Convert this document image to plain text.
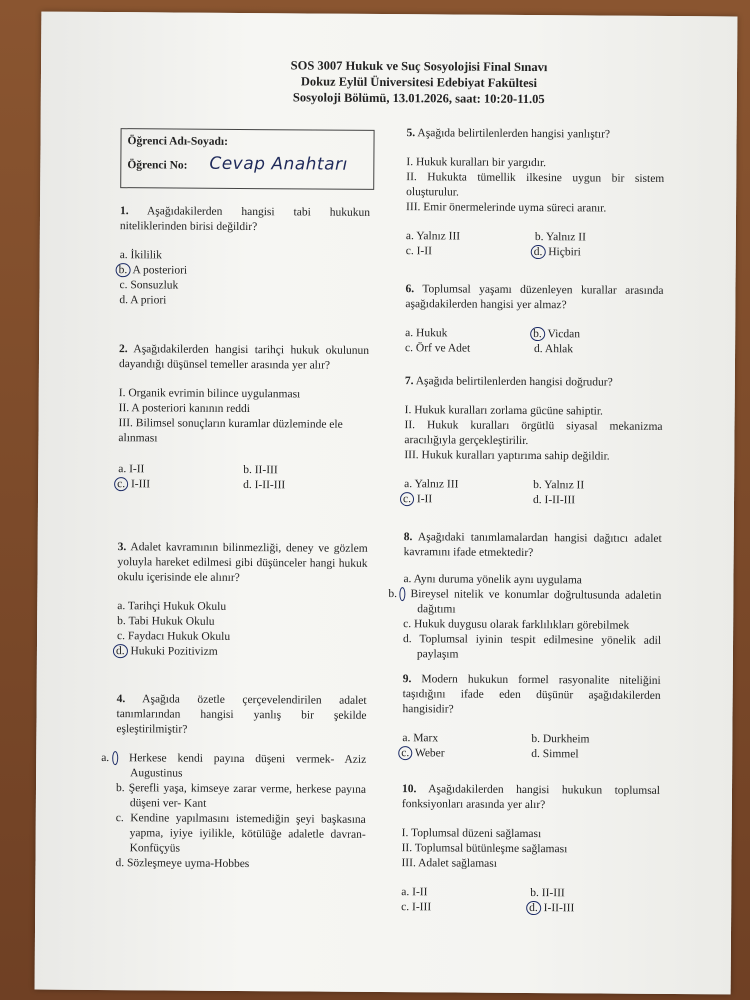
SOS 3007 Hukuk ve Suç Sosyolojisi Final Sınavı
Dokuz Eylül Üniversitesi Edebiyat Fakültesi
Sosyoloji Bölümü, 13.01.2026, saat: 10:20-11.05
Öğrenci Adı-Soyadı:
Öğrenci No: Cevap Anahtarı
1. Aşağıdakilerden hangisi tabi hukukun niteliklerinden birisi değildir?
a. İkililik
b. A posteriori
c. Sonsuzluk
d. A priori
2. Aşağıdakilerden hangisi tarihçi hukuk okulunun dayandığı düşünsel temeller arasında yer alır?
I. Organik evrimin bilince uygulanması
II. A posteriori kanının reddi
III. Bilimsel sonuçların kuramlar düzleminde ele alınması
a. I-II	b. II-III
c. I-III	d. I-II-III
3. Adalet kavramının bilinmezliği, deney ve gözlem yoluyla hareket edilmesi gibi düşünceler hangi hukuk okulu içerisinde ele alınır?
a. Tarihçi Hukuk Okulu
b. Tabi Hukuk Okulu
c. Faydacı Hukuk Okulu
d. Hukuki Pozitivizm
4. Aşağıda özetle çerçevelendirilen adalet tanımlarından hangisi yanlış bir şekilde eşleştirilmiştir?
a. Herkese kendi payına düşeni vermek- Aziz Augustinus
b. Şerefli yaşa, kimseye zarar verme, herkese payına düşeni ver- Kant
c. Kendine yapılmasını istemediğin şeyi başkasına yapma, iyiye iyilikle, kötülüğe adaletle davran- Konfüçyüs
d. Sözleşmeye uyma-Hobbes
5. Aşağıda belirtilenlerden hangisi yanlıştır?
I. Hukuk kuralları bir yargıdır.
II. Hukukta tümellik ilkesine uygun bir sistem oluşturulur.
III. Emir önermelerinde uyma süreci aranır.
a. Yalnız III	b. Yalnız II
c. I-II	d. Hiçbiri
6. Toplumsal yaşamı düzenleyen kurallar arasında aşağıdakilerden hangisi yer almaz?
a. Hukuk	b. Vicdan
c. Örf ve Adet	d. Ahlak
7. Aşağıda belirtilenlerden hangisi doğrudur?
I. Hukuk kuralları zorlama gücüne sahiptir.
II. Hukuk kuralları örgütlü siyasal mekanizma aracılığıyla gerçekleştirilir.
III. Hukuk kuralları yaptırıma sahip değildir.
a. Yalnız III	b. Yalnız II
c. I-II	d. I-II-III
8. Aşağıdaki tanımlamalardan hangisi dağıtıcı adalet kavramını ifade etmektedir?
a. Aynı duruma yönelik aynı uygulama
b. Bireysel nitelik ve konumlar doğrultusunda adaletin dağıtımı
c. Hukuk duygusu olarak farklılıkları görebilmek
d. Toplumsal iyinin tespit edilmesine yönelik adil paylaşım
9. Modern hukukun formel rasyonalite niteliğini taşıdığını ifade eden düşünür aşağıdakilerden hangisidir?
a. Marx	b. Durkheim
c. Weber	d. Simmel
10. Aşağıdakilerden hangisi hukukun toplumsal fonksiyonları arasında yer alır?
I. Toplumsal düzeni sağlaması
II. Toplumsal bütünleşme sağlaması
III. Adalet sağlaması
a. I-II	b. II-III
c. I-III	d. I-II-III
